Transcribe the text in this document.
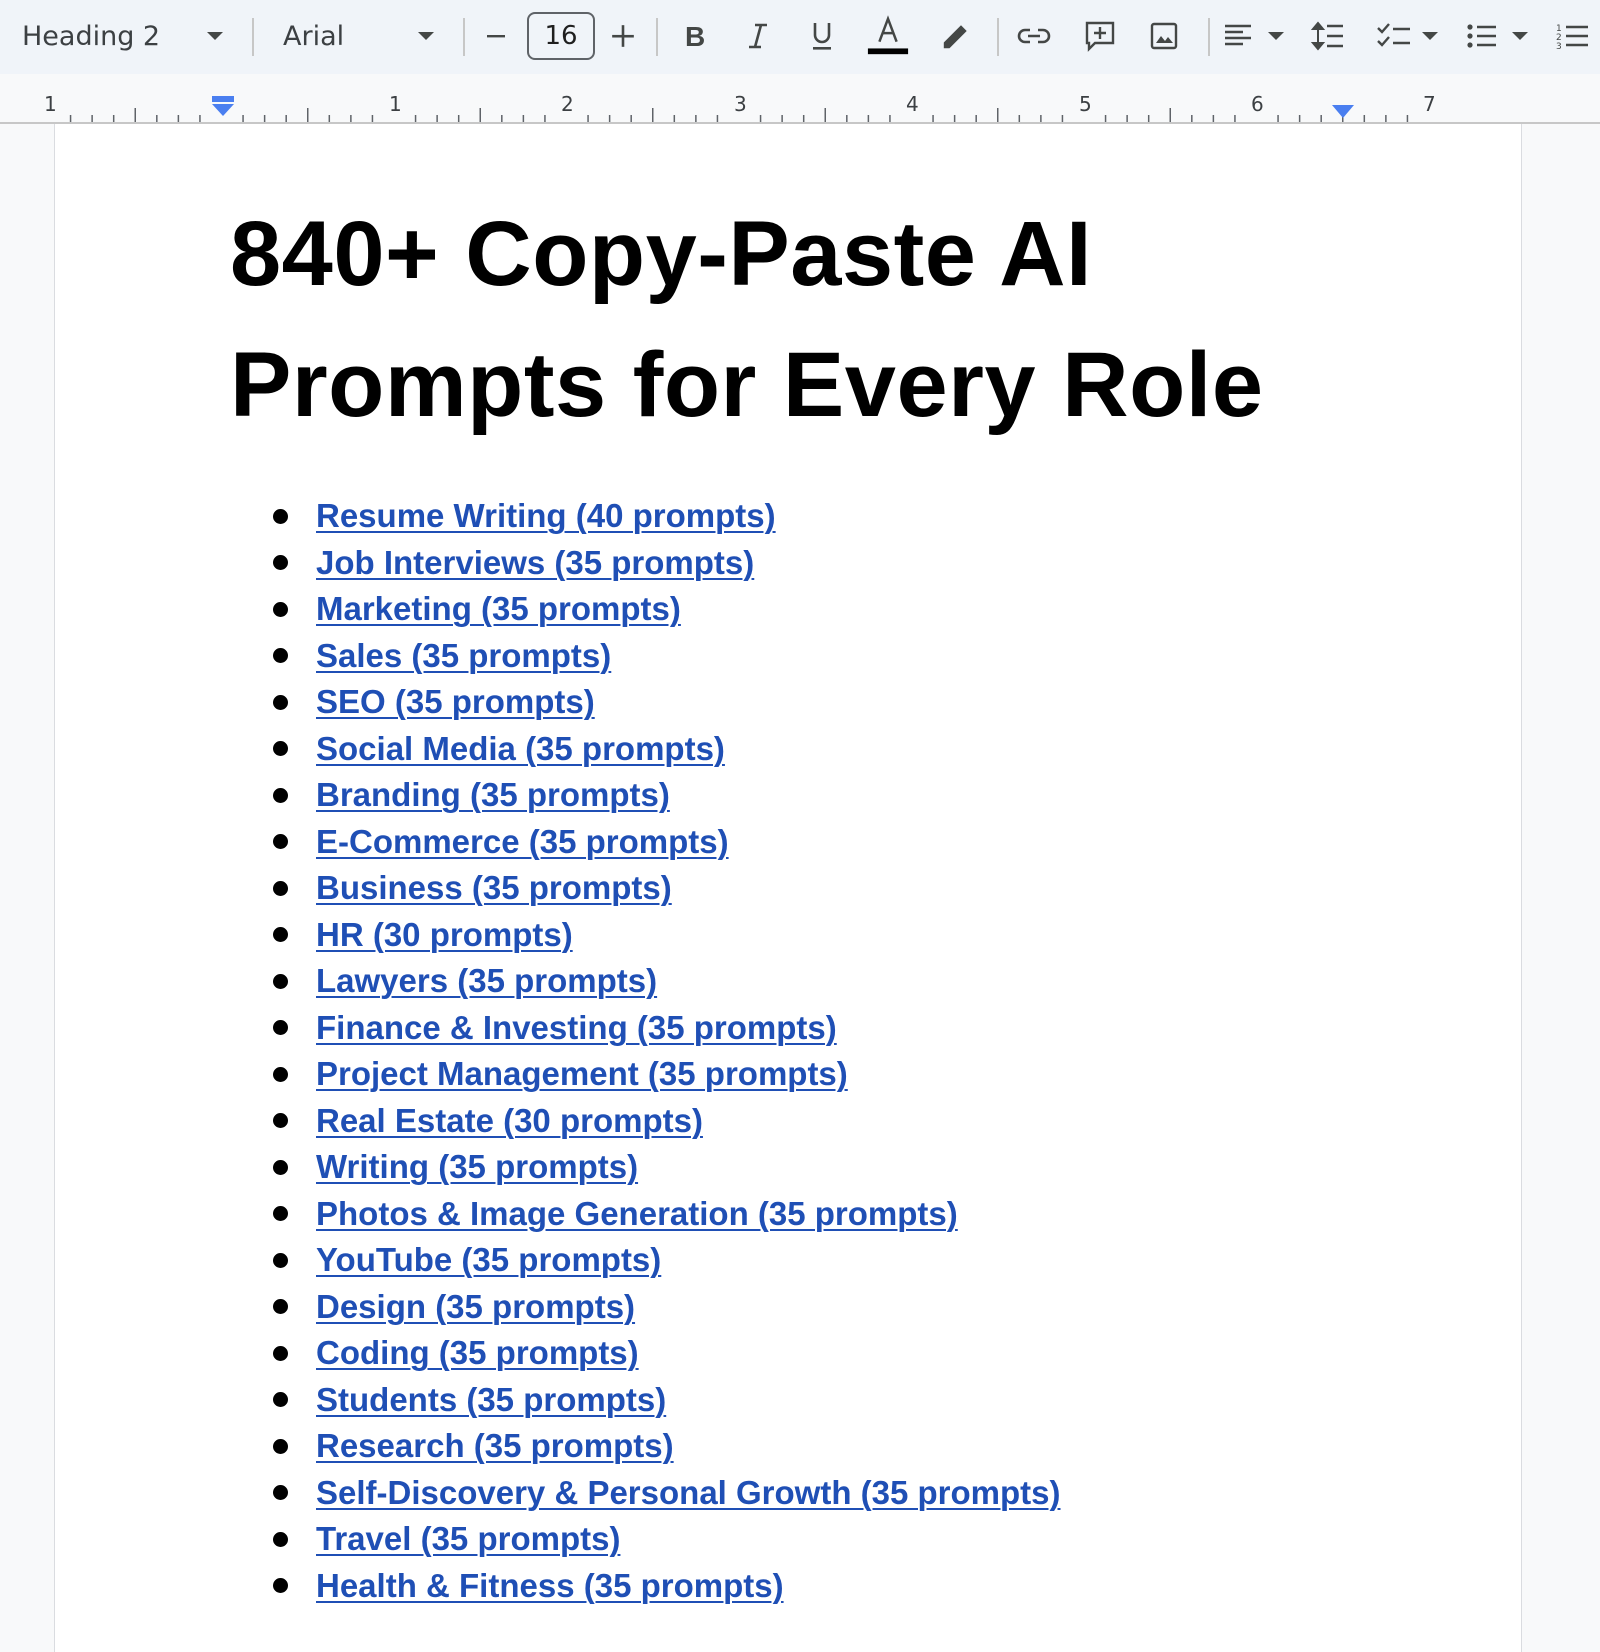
Heading 2	Arial	16	B	1
2
3
1	1	2	3	4	5	6	7
840+ Copy-Paste AI Prompts for Every Role
Resume Writing (40 prompts)
Job Interviews (35 prompts)
Marketing (35 prompts)
Sales (35 prompts)
SEO (35 prompts)
Social Media (35 prompts)
Branding (35 prompts)
E-Commerce (35 prompts)
Business (35 prompts)
HR (30 prompts)
Lawyers (35 prompts)
Finance & Investing (35 prompts)
Project Management (35 prompts)
Real Estate (30 prompts)
Writing (35 prompts)
Photos & Image Generation (35 prompts)
YouTube (35 prompts)
Design (35 prompts)
Coding (35 prompts)
Students (35 prompts)
Research (35 prompts)
Self-Discovery & Personal Growth (35 prompts)
Travel (35 prompts)
Health & Fitness (35 prompts)
